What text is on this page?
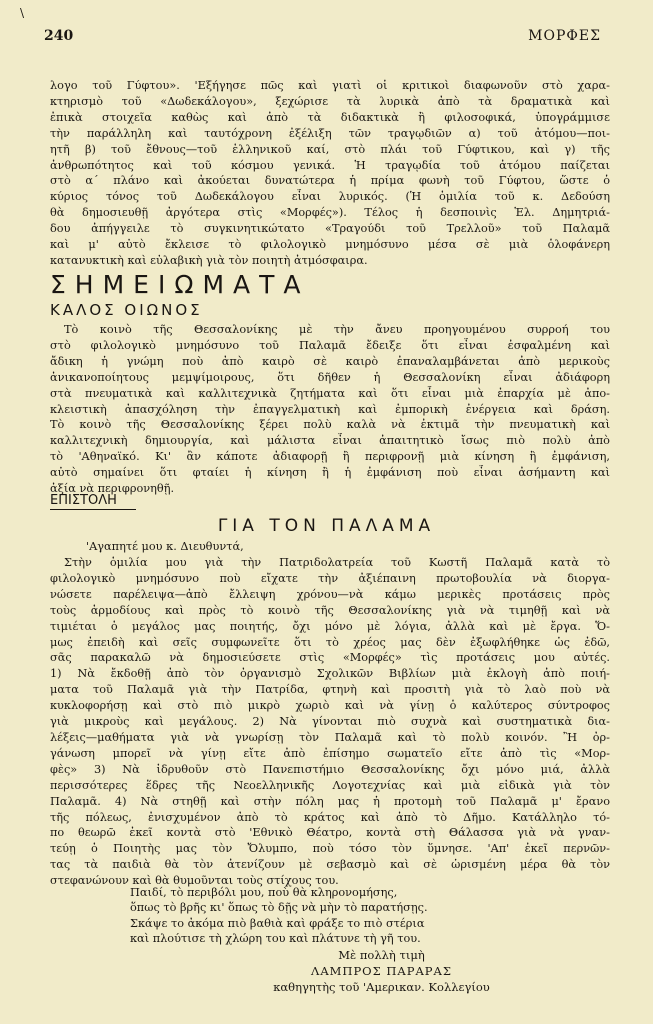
\
240	ΜΟΡΦΕΣ
λογο τοῦ Γύφτου». 'Εξήγησε πῶς καὶ γιατὶ οἱ κριτικοὶ διαφωνοῦν στὸ χαρα-
κτηρισμὸ τοῦ «Δωδεκάλογου», ξεχώρισε τὰ λυρικὰ ἀπὸ τὰ δραματικὰ καὶ
ἐπικὰ στοιχεῖα καθὼς καὶ ἀπὸ τὰ διδακτικὰ ἢ φιλοσοφικά, ὑπογράμμισε
τὴν παράλληλη καὶ ταυτόχρονη ἐξέλιξη τῶν τραγῳδιῶν α) τοῦ ἀτόμου—ποι-
ητῆ β) τοῦ ἔθνους—τοῦ ἑλληνικοῦ καί, στὸ πλάι τοῦ Γύφτικου, καὶ γ) τῆς
ἀνθρωπότητος καὶ τοῦ κόσμου γενικά. Ἡ τραγῳδία τοῦ ἀτόμου παίζεται
στὸ α΄ πλάνο καὶ ἀκούεται δυνατώτερα ἡ πρίμα φωνὴ τοῦ Γύφτου, ὥστε ὁ
κύριος τόνος τοῦ Δωδεκάλογου εἶναι λυρικός. (Ἡ ὁμιλία τοῦ κ. Δεδούση
θὰ δημοσιευθῇ ἀργότερα στὶς «Μορφές»). Τέλος ἡ δεσποινὶς Ἑλ. Δημητριά-
δου ἀπήγγειλε τὸ συγκινητικώτατο «Τραγούδι τοῦ Τρελλοῦ» τοῦ Παλαμᾶ
καὶ μ' αὐτὸ ἔκλεισε τὸ φιλολογικὸ μνημόσυνο μέσα σὲ μιὰ ὁλοφάνερη
κατανυκτικὴ καὶ εὐλαβικὴ γιὰ τὸν ποιητὴ ἀτμόσφαιρα.
ΣΗΜΕΙΩΜΑΤΑ
ΚΑΛΟΣ ΟΙΩΝΟΣ
Τὸ κοινὸ τῆς Θεσσαλονίκης μὲ τὴν ἄνευ προηγουμένου συρροή του
στὸ φιλολογικὸ μνημόσυνο τοῦ Παλαμᾶ ἔδειξε ὅτι εἶναι ἐσφαλμένη καὶ
ἄδικη ἡ γνώμη ποὺ ἀπὸ καιρὸ σὲ καιρὸ ἐπαναλαμβάνεται ἀπὸ μερικοὺς
ἀνικανοποίητους μεμψίμοιρους, ὅτι δῆθεν ἡ Θεσσαλονίκη εἶναι ἀδιάφορη
στὰ πνευματικὰ καὶ καλλιτεχνικὰ ζητήματα καὶ ὅτι εἶναι μιὰ ἐπαρχία μὲ ἀπο-
κλειστικὴ ἀπασχόληση τὴν ἐπαγγελματικὴ καὶ ἐμπορικὴ ἐνέργεια καὶ δράση.
Τὸ κοινὸ τῆς Θεσσαλονίκης ξέρει πολὺ καλὰ νὰ ἐκτιμᾶ τὴν πνευματικὴ καὶ
καλλιτεχνικὴ δημιουργία, καὶ μάλιστα εἶναι ἀπαιτητικὸ ἴσως πιὸ πολὺ ἀπὸ
τὸ 'Αθηναϊκό. Κι' ἂν κάποτε ἀδιαφορῇ ἢ περιφρονῇ μιὰ κίνηση ἢ ἐμφάνιση,
αὐτὸ σημαίνει ὅτι φταίει ἡ κίνηση ἢ ἡ ἐμφάνιση ποὺ εἶναι ἀσήμαντη καὶ
ἀξία νὰ περιφρονηθῇ.
ΕΠΙΣΤΟΛΗ
ΓΙΑ ΤΟΝ ΠΑΛΑΜΑ
'Αγαπητέ μου κ. Διευθυντά,
Στὴν ὁμιλία μου γιὰ τὴν Πατριδολατρεία τοῦ Κωστῆ Παλαμᾶ κατὰ τὸ
φιλολογικὸ μνημόσυνο ποὺ εἴχατε τὴν ἀξιέπαινη πρωτοβουλία νὰ διοργα-
νώσετε παρέλειψα—ἀπὸ ἔλλειψη χρόνου—νὰ κάμω μερικὲς προτάσεις πρὸς
τοὺς ἁρμοδίους καὶ πρὸς τὸ κοινὸ τῆς Θεσσαλονίκης γιὰ νὰ τιμηθῇ καὶ νὰ
τιμιέται ὁ μεγάλος μας ποιητής, ὄχι μόνο μὲ λόγια, ἀλλὰ καὶ μὲ ἔργα. Ὅ-
μως ἐπειδὴ καὶ σεῖς συμφωνεῖτε ὅτι τὸ χρέος μας δὲν ἐξωφλήθηκε ὡς ἐδῶ,
σᾶς παρακαλῶ νὰ δημοσιεύσετε στὶς «Μορφές» τὶς προτάσεις μου αὐτές.
1) Νὰ ἔκδοθῇ ἀπὸ τὸν ὀργανισμὸ Σχολικῶν Βιβλίων μιὰ ἐκλογὴ ἀπὸ ποιή-
ματα τοῦ Παλαμᾶ γιὰ τὴν Πατρίδα, φτηνὴ καὶ προσιτὴ γιὰ τὸ λαὸ ποὺ νὰ
κυκλοφορήσῃ καὶ στὸ πιὸ μικρὸ χωριὸ καὶ νὰ γίνῃ ὁ καλύτερος σύντροφος
γιὰ μικροὺς καὶ μεγάλους. 2) Νὰ γίνονται πιὸ συχνὰ καὶ συστηματικὰ δια-
λέξεις—μαθήματα γιὰ νὰ γνωρίσῃ τὸν Παλαμᾶ καὶ τὸ πολὺ κοινόν. Ἢ ὀρ-
γάνωση μπορεῖ νὰ γίνῃ εἴτε ἀπὸ ἐπίσημο σωματεῖο εἴτε ἀπὸ τὶς «Μορ-
φὲς» 3) Νὰ ἱδρυθοῦν στὸ Πανεπιστήμιο Θεσσαλονίκης ὄχι μόνο μιά, ἀλλὰ
περισσότερες ἕδρες τῆς Νεοελληνικῆς Λογοτεχνίας καὶ μιὰ εἰδικὰ γιὰ τὸν
Παλαμᾶ. 4) Νὰ στηθῇ καὶ στὴν πόλη μας ἡ προτομὴ τοῦ Παλαμᾶ μ' ἔρανο
τῆς πόλεως, ἐνισχυμένον ἀπὸ τὸ κράτος καὶ ἀπὸ τὸ Δῆμο. Κατάλληλο τό-
πο θεωρῶ ἐκεῖ κοντὰ στὸ 'Εθνικὸ Θέατρο, κοντὰ στὴ Θάλασσα γιὰ νὰ γναν-
τεύῃ ὁ Ποιητὴς μας τὸν Ὄλυμπο, ποὺ τόσο τὸν ὕμνησε. 'Απ' ἐκεῖ περνῶν-
τας τὰ παιδιὰ θὰ τὸν ἀτενίζουν μὲ σεβασμὸ καὶ σὲ ὡρισμένη μέρα θὰ τὸν
στεφανώνουν καὶ θὰ θυμοῦνται τοὺς στίχους του.
Παιδί, τὸ περιβόλι μου, ποὺ θὰ κληρονομήσης,
ὅπως τὸ βρῆς κι' ὅπως τὸ δῇς νὰ μὴν τὸ παρατήσῃς.
Σκάψε το ἀκόμα πιὸ βαθιὰ καὶ φράξε το πιὸ στέρια
καὶ πλούτισε τὴ χλώρη του καὶ πλάτυνε τὴ γῆ του.
Μὲ πολλὴ τιμὴ
ΛΑΜΠΡΟΣ ΠΑΡΑΡΑΣ
καθηγητὴς τοῦ 'Αμερικαν. Κολλεγίου
